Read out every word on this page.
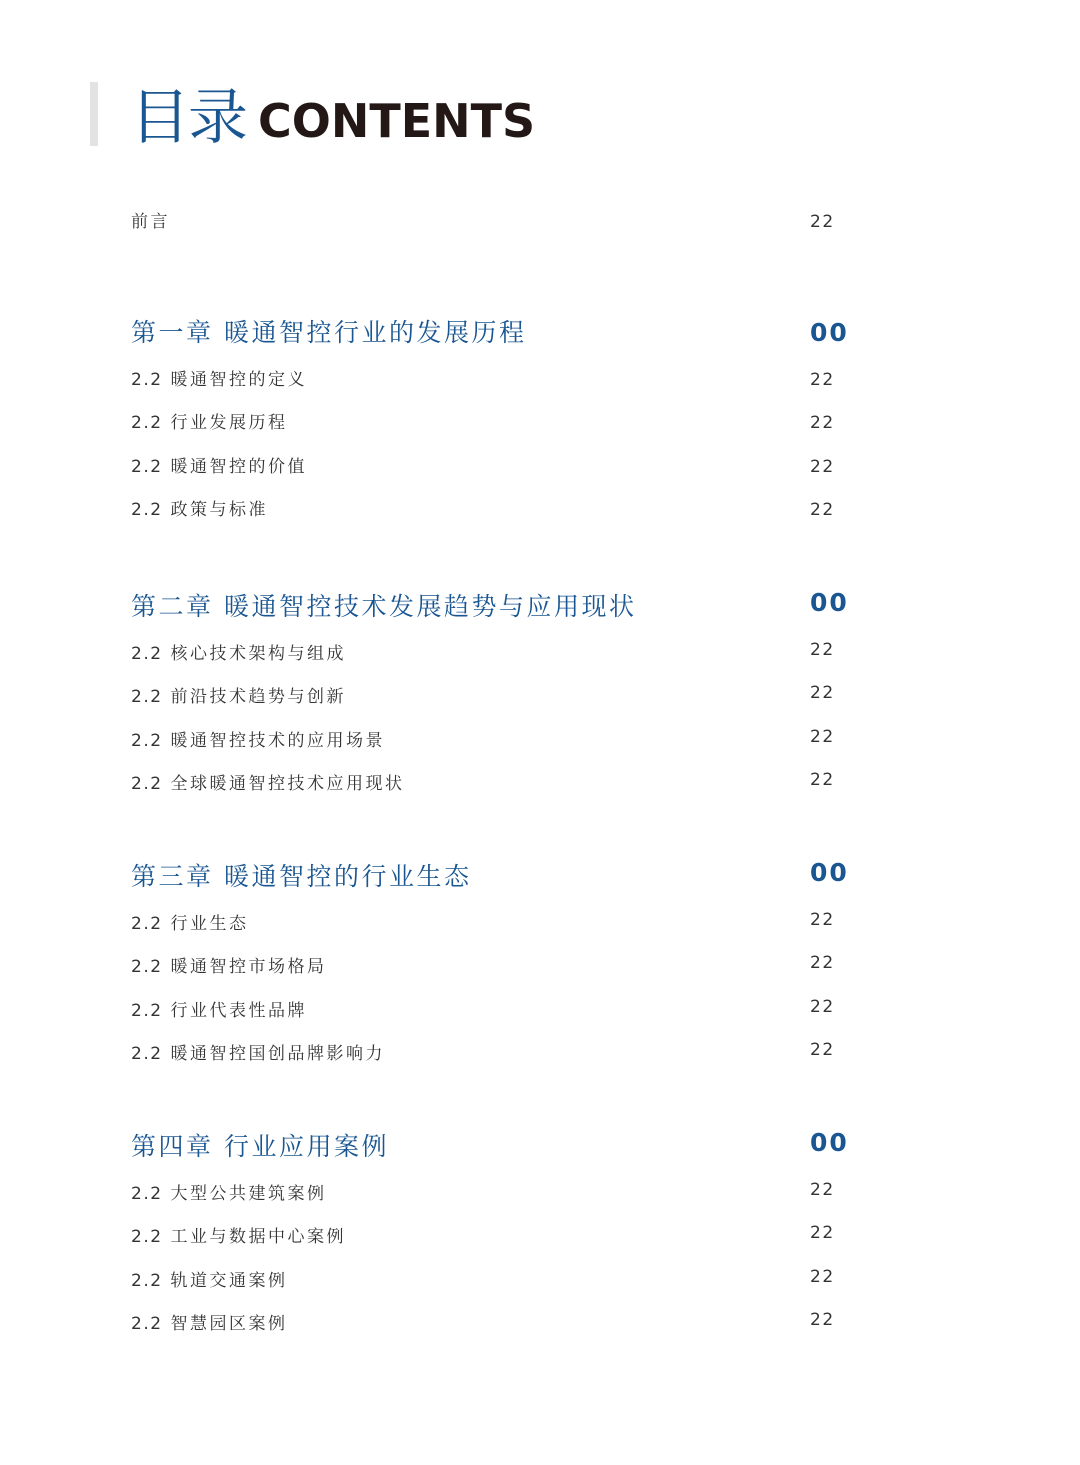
目录 CONTENTS
前言	22
第一章 暖通智控行业的发展历程	00
2.2 暖通智控的定义	22
2.2 行业发展历程	22
2.2 暖通智控的价值	22
2.2 政策与标准	22
第二章 暖通智控技术发展趋势与应用现状	00
2.2 核心技术架构与组成	22
2.2 前沿技术趋势与创新	22
2.2 暖通智控技术的应用场景	22
2.2 全球暖通智控技术应用现状	22
第三章 暖通智控的行业生态	00
2.2 行业生态	22
2.2 暖通智控市场格局	22
2.2 行业代表性品牌	22
2.2 暖通智控国创品牌影响力	22
第四章 行业应用案例	00
2.2 大型公共建筑案例	22
2.2 工业与数据中心案例	22
2.2 轨道交通案例	22
2.2 智慧园区案例	22
